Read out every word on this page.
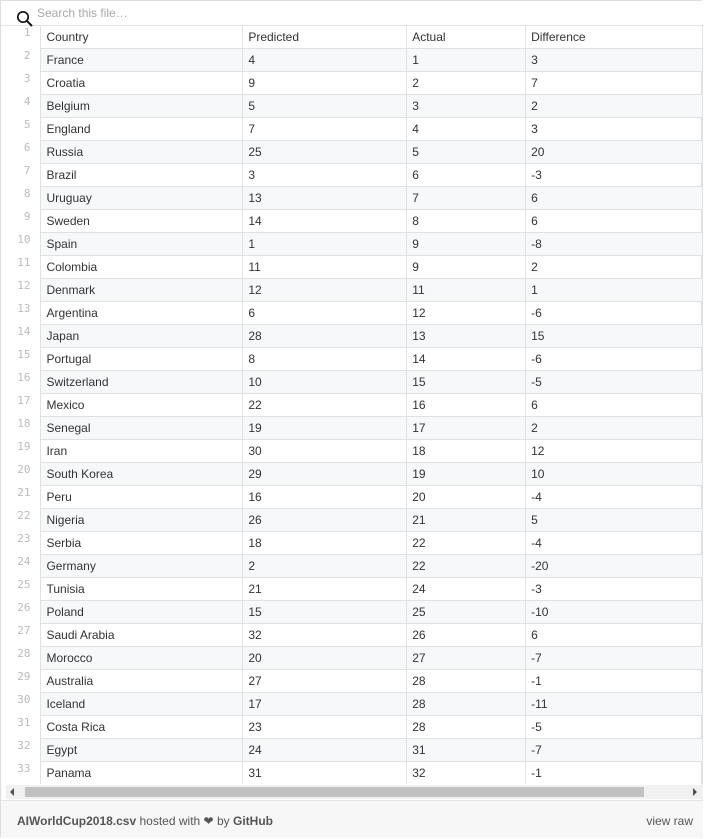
Search this file…
1	Country	Predicted	Actual	Difference
2	France	4	1	3
3	Croatia	9	2	7
4	Belgium	5	3	2
5	England	7	4	3
6	Russia	25	5	20
7	Brazil	3	6	-3
8	Uruguay	13	7	6
9	Sweden	14	8	6
10	Spain	1	9	-8
11	Colombia	11	9	2
12	Denmark	12	11	1
13	Argentina	6	12	-6
14	Japan	28	13	15
15	Portugal	8	14	-6
16	Switzerland	10	15	-5
17	Mexico	22	16	6
18	Senegal	19	17	2
19	Iran	30	18	12
20	South Korea	29	19	10
21	Peru	16	20	-4
22	Nigeria	26	21	5
23	Serbia	18	22	-4
24	Germany	2	22	-20
25	Tunisia	21	24	-3
26	Poland	15	25	-10
27	Saudi Arabia	32	26	6
28	Morocco	20	27	-7
29	Australia	27	28	-1
30	Iceland	17	28	-11
31	Costa Rica	23	28	-5
32	Egypt	24	31	-7
33	Panama	31	32	-1
AIWorldCup2018.csv hosted with ❤ by GitHub	view raw
